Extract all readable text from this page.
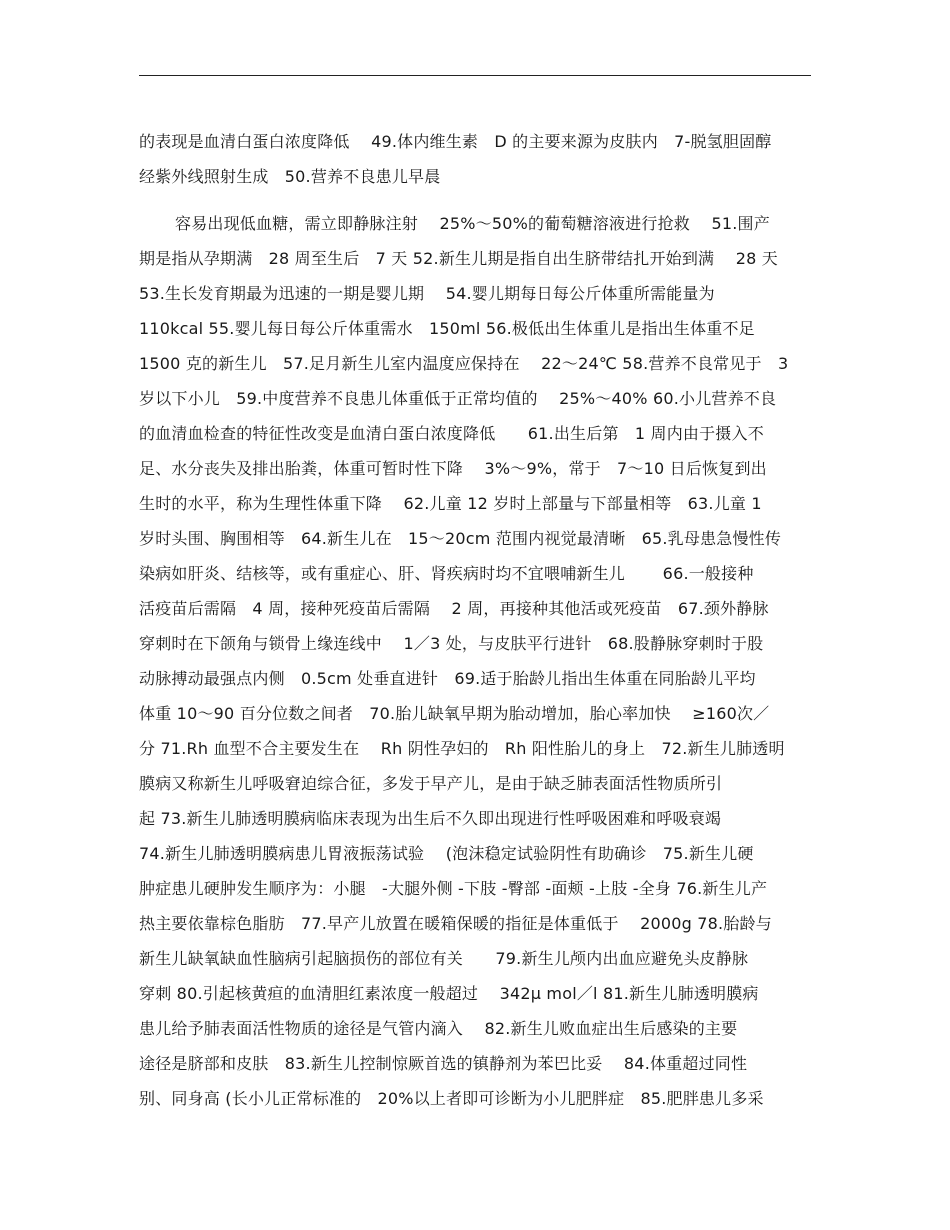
的表现是血清白蛋白浓度降低　 49.体内维生素　D 的主要来源为皮肤内　7-脱氢胆固醇
经紫外线照射生成　50.营养不良患儿早晨
容易出现低血糖，需立即静脉注射　 25%～50%的葡萄糖溶液进行抢救　 51.围产
期是指从孕期满　28 周至生后　7 天 52.新生儿期是指自出生脐带结扎开始到满　 28 天
53.生长发育期最为迅速的一期是婴儿期　 54.婴儿期每日每公斤体重所需能量为
110kcal 55.婴儿每日每公斤体重需水　150ml 56.极低出生体重儿是指出生体重不足
1500 克的新生儿　57.足月新生儿室内温度应保持在　 22～24℃ 58.营养不良常见于　3
岁以下小儿　59.中度营养不良患儿体重低于正常均值的　 25%～40% 60.小儿营养不良
的血清血检查的特征性改变是血清白蛋白浓度降低　　61.出生后第　1 周内由于摄入不
足、水分丧失及排出胎粪，体重可暂时性下降　 3%～9%，常于　7～10 日后恢复到出
生时的水平，称为生理性体重下降　 62.儿童 12 岁时上部量与下部量相等　63.儿童 1
岁时头围、胸围相等　64.新生儿在　15～20cm 范围内视觉最清晰　65.乳母患急慢性传
染病如肝炎、结核等，或有重症心、肝、肾疾病时均不宜喂哺新生儿　　 66.一般接种
活疫苗后需隔　4 周，接种死疫苗后需隔　 2 周，再接种其他活或死疫苗　67.颈外静脉
穿刺时在下颌角与锁骨上缘连线中　 1／3 处，与皮肤平行进针　68.股静脉穿刺时于股
动脉搏动最强点内侧　0.5cm 处垂直进针　69.适于胎龄儿指出生体重在同胎龄儿平均
体重 10～90 百分位数之间者　70.胎儿缺氧早期为胎动增加，胎心率加快　 ≥160次／
分 71.Rh 血型不合主要发生在　 Rh 阴性孕妇的　Rh 阳性胎儿的身上　72.新生儿肺透明
膜病又称新生儿呼吸窘迫综合征，多发于早产儿，是由于缺乏肺表面活性物质所引
起 73.新生儿肺透明膜病临床表现为出生后不久即出现进行性呼吸困难和呼吸衰竭
74.新生儿肺透明膜病患儿胃液振荡试验　 (泡沫稳定试验阴性有助确诊　75.新生儿硬
肿症患儿硬肿发生顺序为：小腿　-大腿外侧 -下肢 -臀部 -面颊 -上肢 -全身 76.新生儿产
热主要依靠棕色脂肪　77.早产儿放置在暖箱保暖的指征是体重低于　 2000g 78.胎龄与
新生儿缺氧缺血性脑病引起脑损伤的部位有关　　79.新生儿颅内出血应避免头皮静脉
穿刺 80.引起核黄疸的血清胆红素浓度一般超过　 342μ mol／l 81.新生儿肺透明膜病
患儿给予肺表面活性物质的途径是气管内滴入　 82.新生儿败血症出生后感染的主要
途径是脐部和皮肤　83.新生儿控制惊厥首选的镇静剂为苯巴比妥　 84.体重超过同性
别、同身高 (长小儿正常标准的　20%以上者即可诊断为小儿肥胖症　85.肥胖患儿多采
